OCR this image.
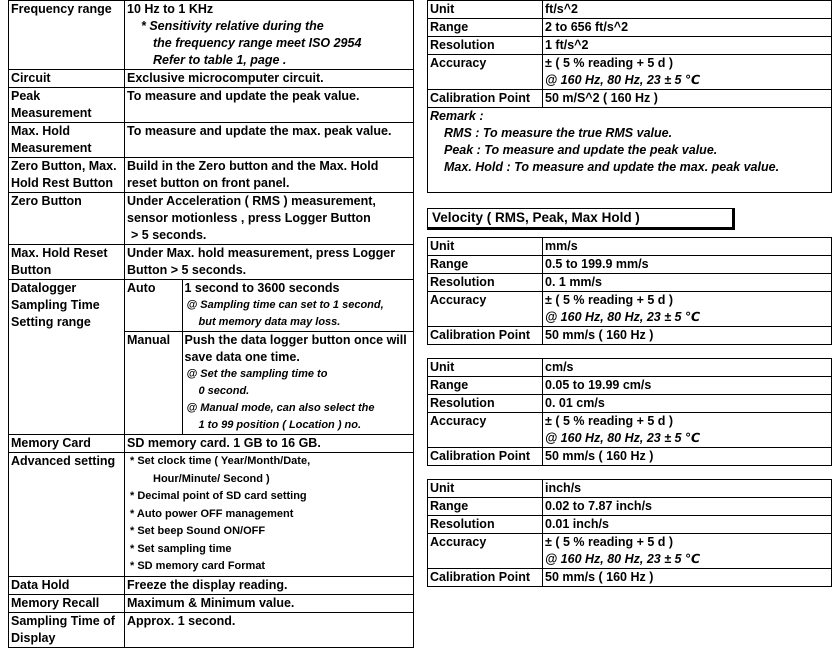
Frequency range	10 Hz to 1 KHz

* Sensitivity relative during the
the frequency range meet ISO 2954
Refer to table 1, page .

Circuit	Exclusive microcomputer circuit.
Peak Measurement	To measure and update the peak value.
Max. Hold Measurement	To measure and update the max. peak value.
Zero Button, Max. Hold Rest Button	Build in the Zero button and the Max. Hold reset button on front panel.
Zero Button	Under Acceleration ( RMS ) measurement, sensor motionless , press Logger Button
> 5 seconds.
Max. Hold Reset Button	Under Max. hold measurement, press Logger Button > 5 seconds.
Datalogger Sampling Time Setting range	
Auto	1 second to 3600 seconds

@ Sampling time can set to 1 second,
but memory data may loss.

Manual	Push the data logger button once will save data one time.

@ Set the sampling time to
0 second.
@ Manual mode, can also select the
1 to 99 position ( Location ) no.

Memory Card	SD memory card. 1 GB to 16 GB.
Advanced setting	* Set clock time ( Year/Month/Date,
Hour/Minute/ Second )
* Decimal point of SD card setting
* Auto power OFF management
* Set beep Sound ON/OFF
* Set sampling time
* SD memory card Format

Data Hold	Freeze the display reading.
Memory Recall	Maximum & Minimum value.
Sampling Time of Display	Approx. 1 second.
Unit	ft/s^2
Range	2 to 656 ft/s^2
Resolution	1 ft/s^2
Accuracy	± ( 5 % reading + 5 d )
@ 160 Hz, 80 Hz, 23 ± 5 ℃
Calibration Point	50 m/S^2 ( 160 Hz )
Remark :

RMS : To measure the true RMS value.
Peak : To measure and update the peak value.
Max. Hold : To measure and update the max. peak value.	
Velocity ( RMS, Peak, Max Hold )
Unit	mm/s
Range	0.5 to 199.9 mm/s
Resolution	0. 1 mm/s
Accuracy	± ( 5 % reading + 5 d )
@ 160 Hz, 80 Hz, 23 ± 5 ℃
Calibration Point	50 mm/s ( 160 Hz )
Unit	cm/s
Range	0.05 to 19.99 cm/s
Resolution	0. 01 cm/s
Accuracy	± ( 5 % reading + 5 d )
@ 160 Hz, 80 Hz, 23 ± 5 ℃
Calibration Point	50 mm/s ( 160 Hz )
Unit	inch/s
Range	0.02 to 7.87 inch/s
Resolution	0.01 inch/s
Accuracy	± ( 5 % reading + 5 d )
@ 160 Hz, 80 Hz, 23 ± 5 ℃
Calibration Point	50 mm/s ( 160 Hz )
